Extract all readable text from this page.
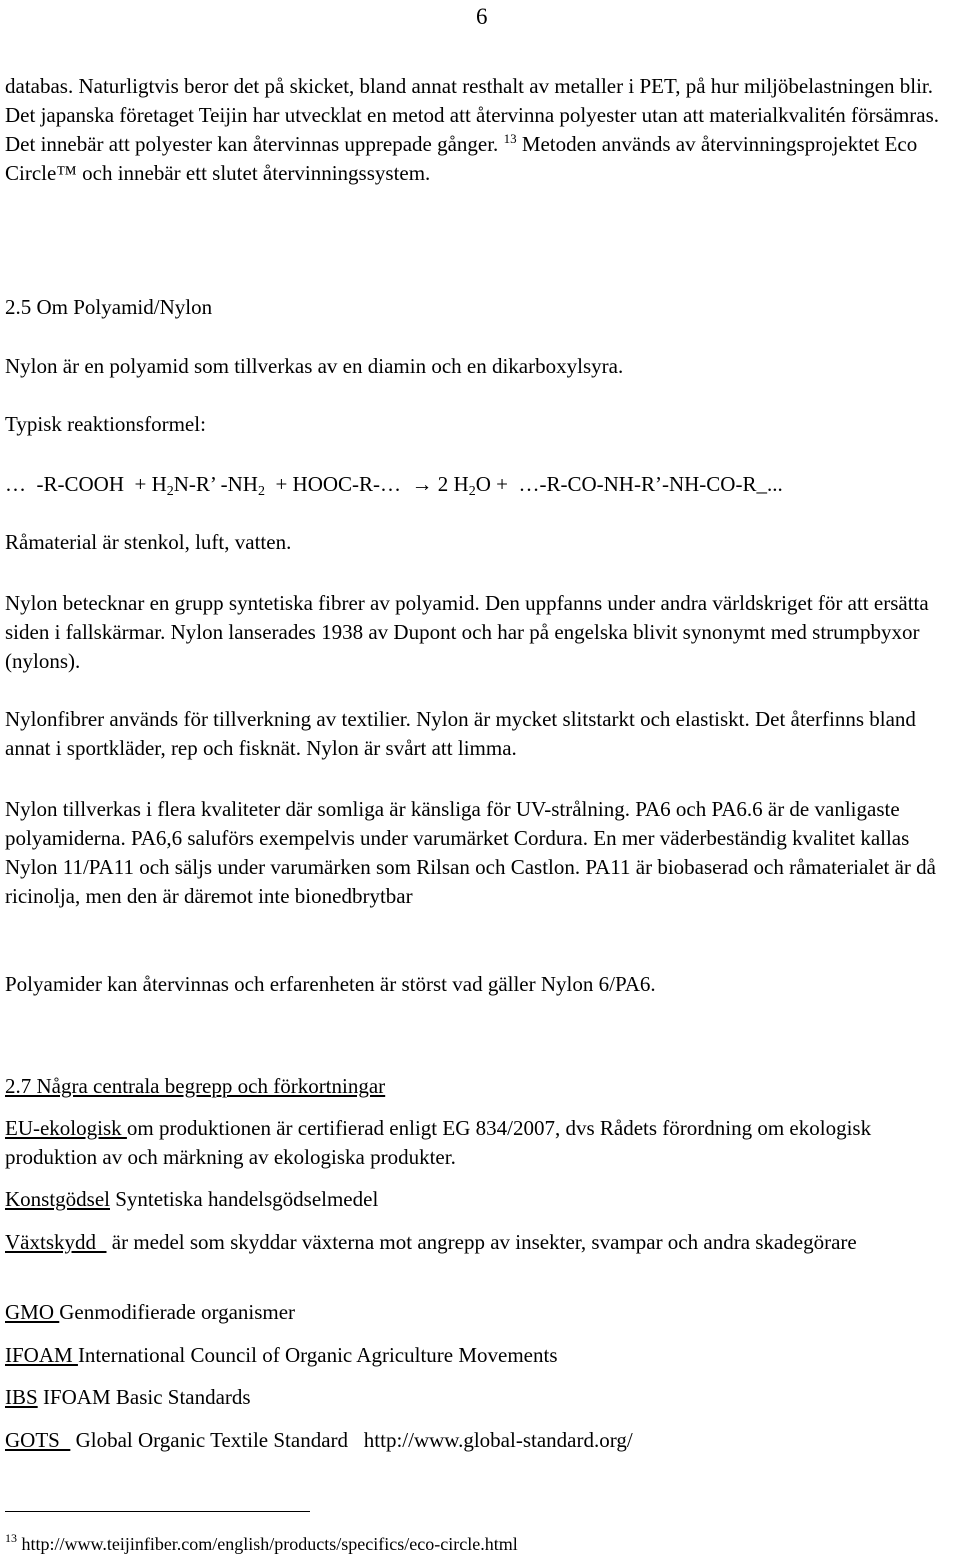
6

databas. Naturligtvis beror det på skicket, bland annat resthalt av metaller i PET, på hur miljöbelastningen blir. Det japanska företaget Teijin har utvecklat en metod att återvinna polyester utan att materialkvalitén försämras. Det innebär att polyester kan återvinnas upprepade gånger. $^{13}$ Metoden används av återvinningsprojektet Eco Circle™ och innebär ett slutet återvinningssystem.

2.5 Om Polyamid/Nylon

Nylon är en polyamid som tillverkas av en diamin och en dikarboxylsyra.

Typisk reaktionsformel:

…  -R-COOH  + $H_2N-R$’ $-NH_2$  + HOOC-R-…  → 2 $H_2O$ +  …-R-CO-NH-R’-NH-CO-R_...

Råmaterial är stenkol, luft, vatten.

Nylon betecknar en grupp syntetiska fibrer av polyamid. Den uppfanns under andra världskriget för att ersätta siden i fallskärmar. Nylon lanserades 1938 av Dupont och har på engelska blivit synonymt med strumpbyxor (nylons).

Nylonfibrer används för tillverkning av textilier. Nylon är mycket slitstarkt och elastiskt. Det återfinns bland annat i sportkläder, rep och fisknät. Nylon är svårt att limma.

Nylon tillverkas i flera kvaliteter där somliga är känsliga för UV-strålning. PA6 och PA6.6 är de vanligaste polyamiderna. PA6,6 saluförs exempelvis under varumärket Cordura. En mer väderbeständig kvalitet kallas Nylon 11/PA11 och säljs under varumärken som Rilsan och Castlon. PA11 är biobaserad och råmaterialet är då ricinolja, men den är däremot inte bionedbrytbar

Polyamider kan återvinnas och erfarenheten är störst vad gäller Nylon 6/PA6.

2.7 Några centrala begrepp och förkortningar

EU-ekologisk om produktionen är certifierad enligt EG 834/2007, dvs Rådets förordning om ekologisk produktion av och märkning av ekologiska produkter.

Konstgödsel Syntetiska handelsgödselmedel

Växtskydd   är medel som skyddar växterna mot angrepp av insekter, svampar och andra skadegörare

GMO Genmodifierade organismer

IFOAM International Council of Organic Agriculture Movements

IBS IFOAM Basic Standards

GOTS   Global Organic Textile Standard   http://www.global-standard.org/

$^{13}$ http://www.teijinfiber.com/english/products/specifics/eco-circle.html
